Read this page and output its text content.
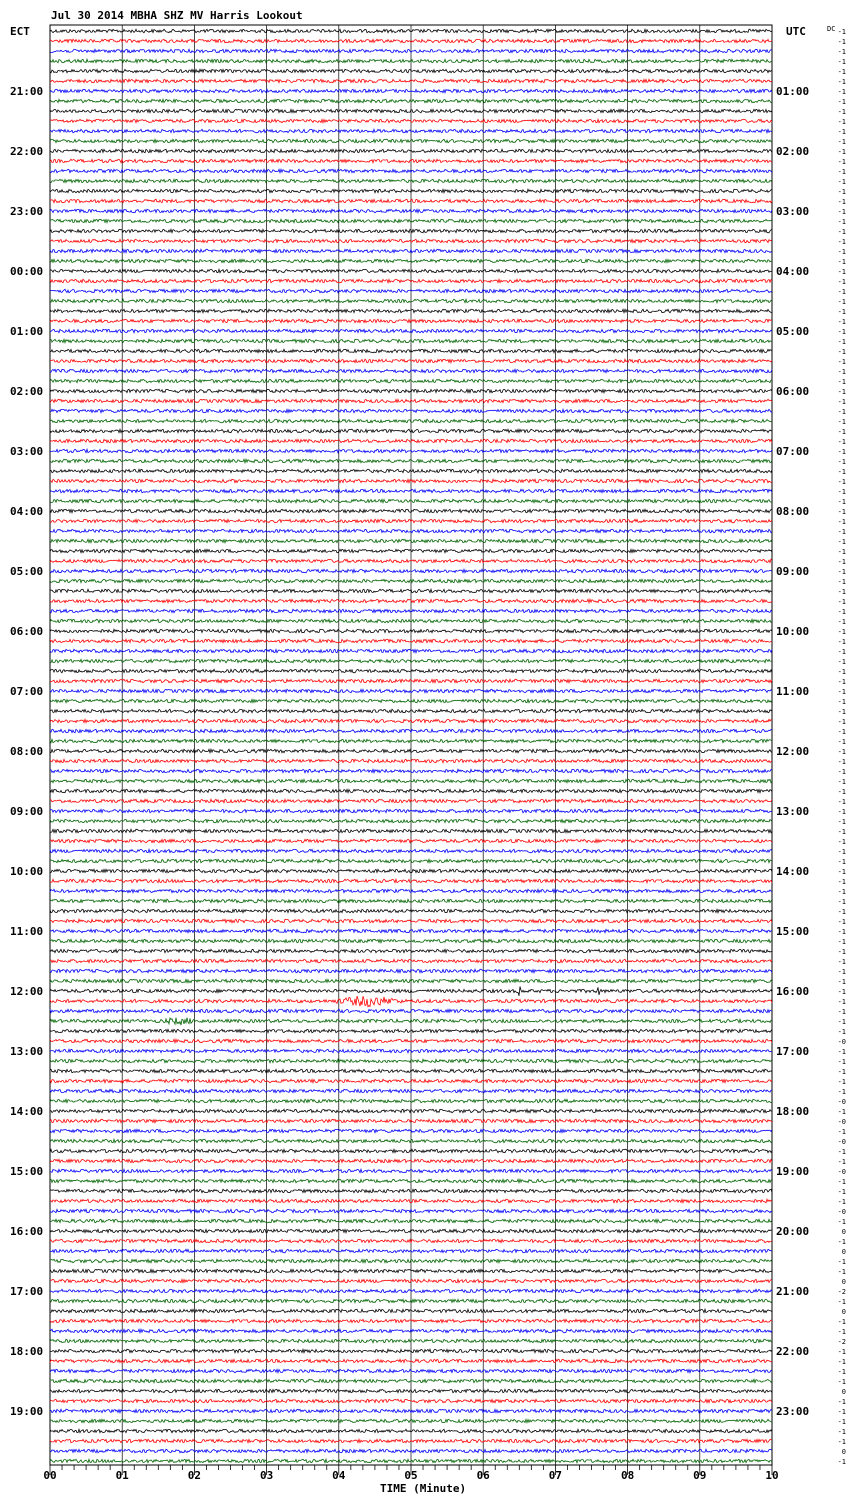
-1
-1
-1
-1
-1
-1
-1
-1
-1
-1
-1
-1
-1
-1
-1
-1
-1
-1
-1
-1
-1
-1
-1
-1
-1
-1
-1
-1
-1
-1
-1
-1
-1
-1
-1
-1
-1
-1
-1
-1
-1
-1
-1
-1
-1
-1
-1
-1
-1
-1
-1
-1
-1
-1
-1
-1
-1
-1
-1
-1
-1
-1
-1
-1
-1
-1
-1
-1
-1
-1
-1
-1
-1
-1
-1
-1
-1
-1
-1
-1
-1
-1
-1
-1
-1
-1
-1
-1
-1
-1
-1
-1
-1
-1
-1
-1
-1
-1
-1
-1
-1
-0
-1
-1
-1
-1
-1
-0
-1
-0
-1
-0
-1
-1
-0
-1
-1
-1
-0
-1
0
-1
0
-1
-1
0
-2
-1
0
-1
-1
-2
-1
-1
-1
-1
0
-1
-1
-1
-1
-1
0
-1
21:00
22:00
23:00
00:00
01:00
02:00
03:00
04:00
05:00
06:00
07:00
08:00
09:00
10:00
11:00
12:00
13:00
14:00
15:00
16:00
17:00
18:00
19:00
01:00
02:00
03:00
04:00
05:00
06:00
07:00
08:00
09:00
10:00
11:00
12:00
13:00
14:00
15:00
16:00
17:00
18:00
19:00
20:00
21:00
22:00
23:00
00	01	02	03	04	05	06	07	08	09	10
Jul 30 2014 MBHA SHZ MV Harris Lookout
ECT	UTC	DC
TIME (Minute)
